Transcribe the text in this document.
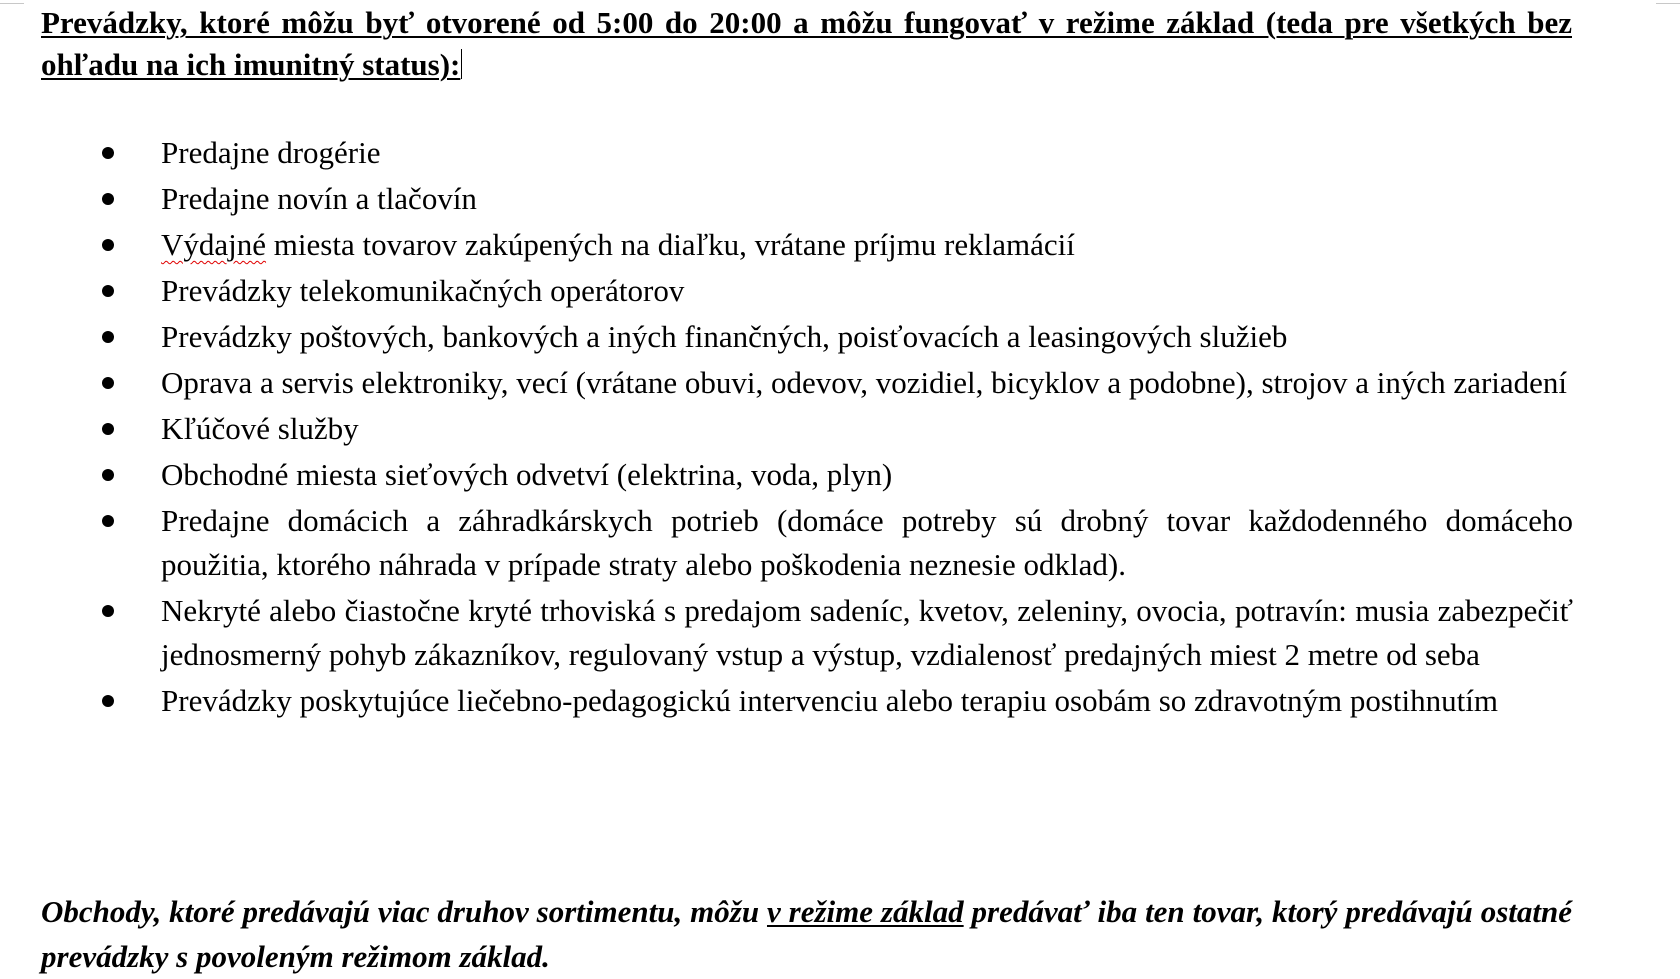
Prevádzky, ktoré môžu byť otvorené od 5:00 do 20:00 a môžu fungovať v režime základ (teda pre všetkých bez ohľadu na ich imunitný status):
Predajne drogérie
Predajne novín a tlačovín
Výdajné miesta tovarov zakúpených na diaľku, vrátane príjmu reklamácií
Prevádzky telekomunikačných operátorov
Prevádzky poštových, bankových a iných finančných, poisťovacích a leasingových služieb
Oprava a servis elektroniky, vecí (vrátane obuvi, odevov, vozidiel, bicyklov a podobne), strojov a iných zariadení
Kľúčové služby
Obchodné miesta sieťových odvetví (elektrina, voda, plyn)
Predajne domácich a záhradkárskych potrieb (domáce potreby sú drobný tovar každodenného domáceho použitia, ktorého náhrada v prípade straty alebo poškodenia neznesie odklad).
Nekryté alebo čiastočne kryté trhoviská s predajom sadeníc, kvetov, zeleniny, ovocia, potravín: musia zabezpečiť jednosmerný pohyb zákazníkov, regulovaný vstup a výstup, vzdialenosť predajných miest 2 metre od seba
Prevádzky poskytujúce liečebno-pedagogickú intervenciu alebo terapiu osobám so zdravotným postihnutím
Obchody, ktoré predávajú viac druhov sortimentu, môžu v režime základ predávať iba ten tovar, ktorý predávajú ostatné prevádzky s povoleným režimom základ.
